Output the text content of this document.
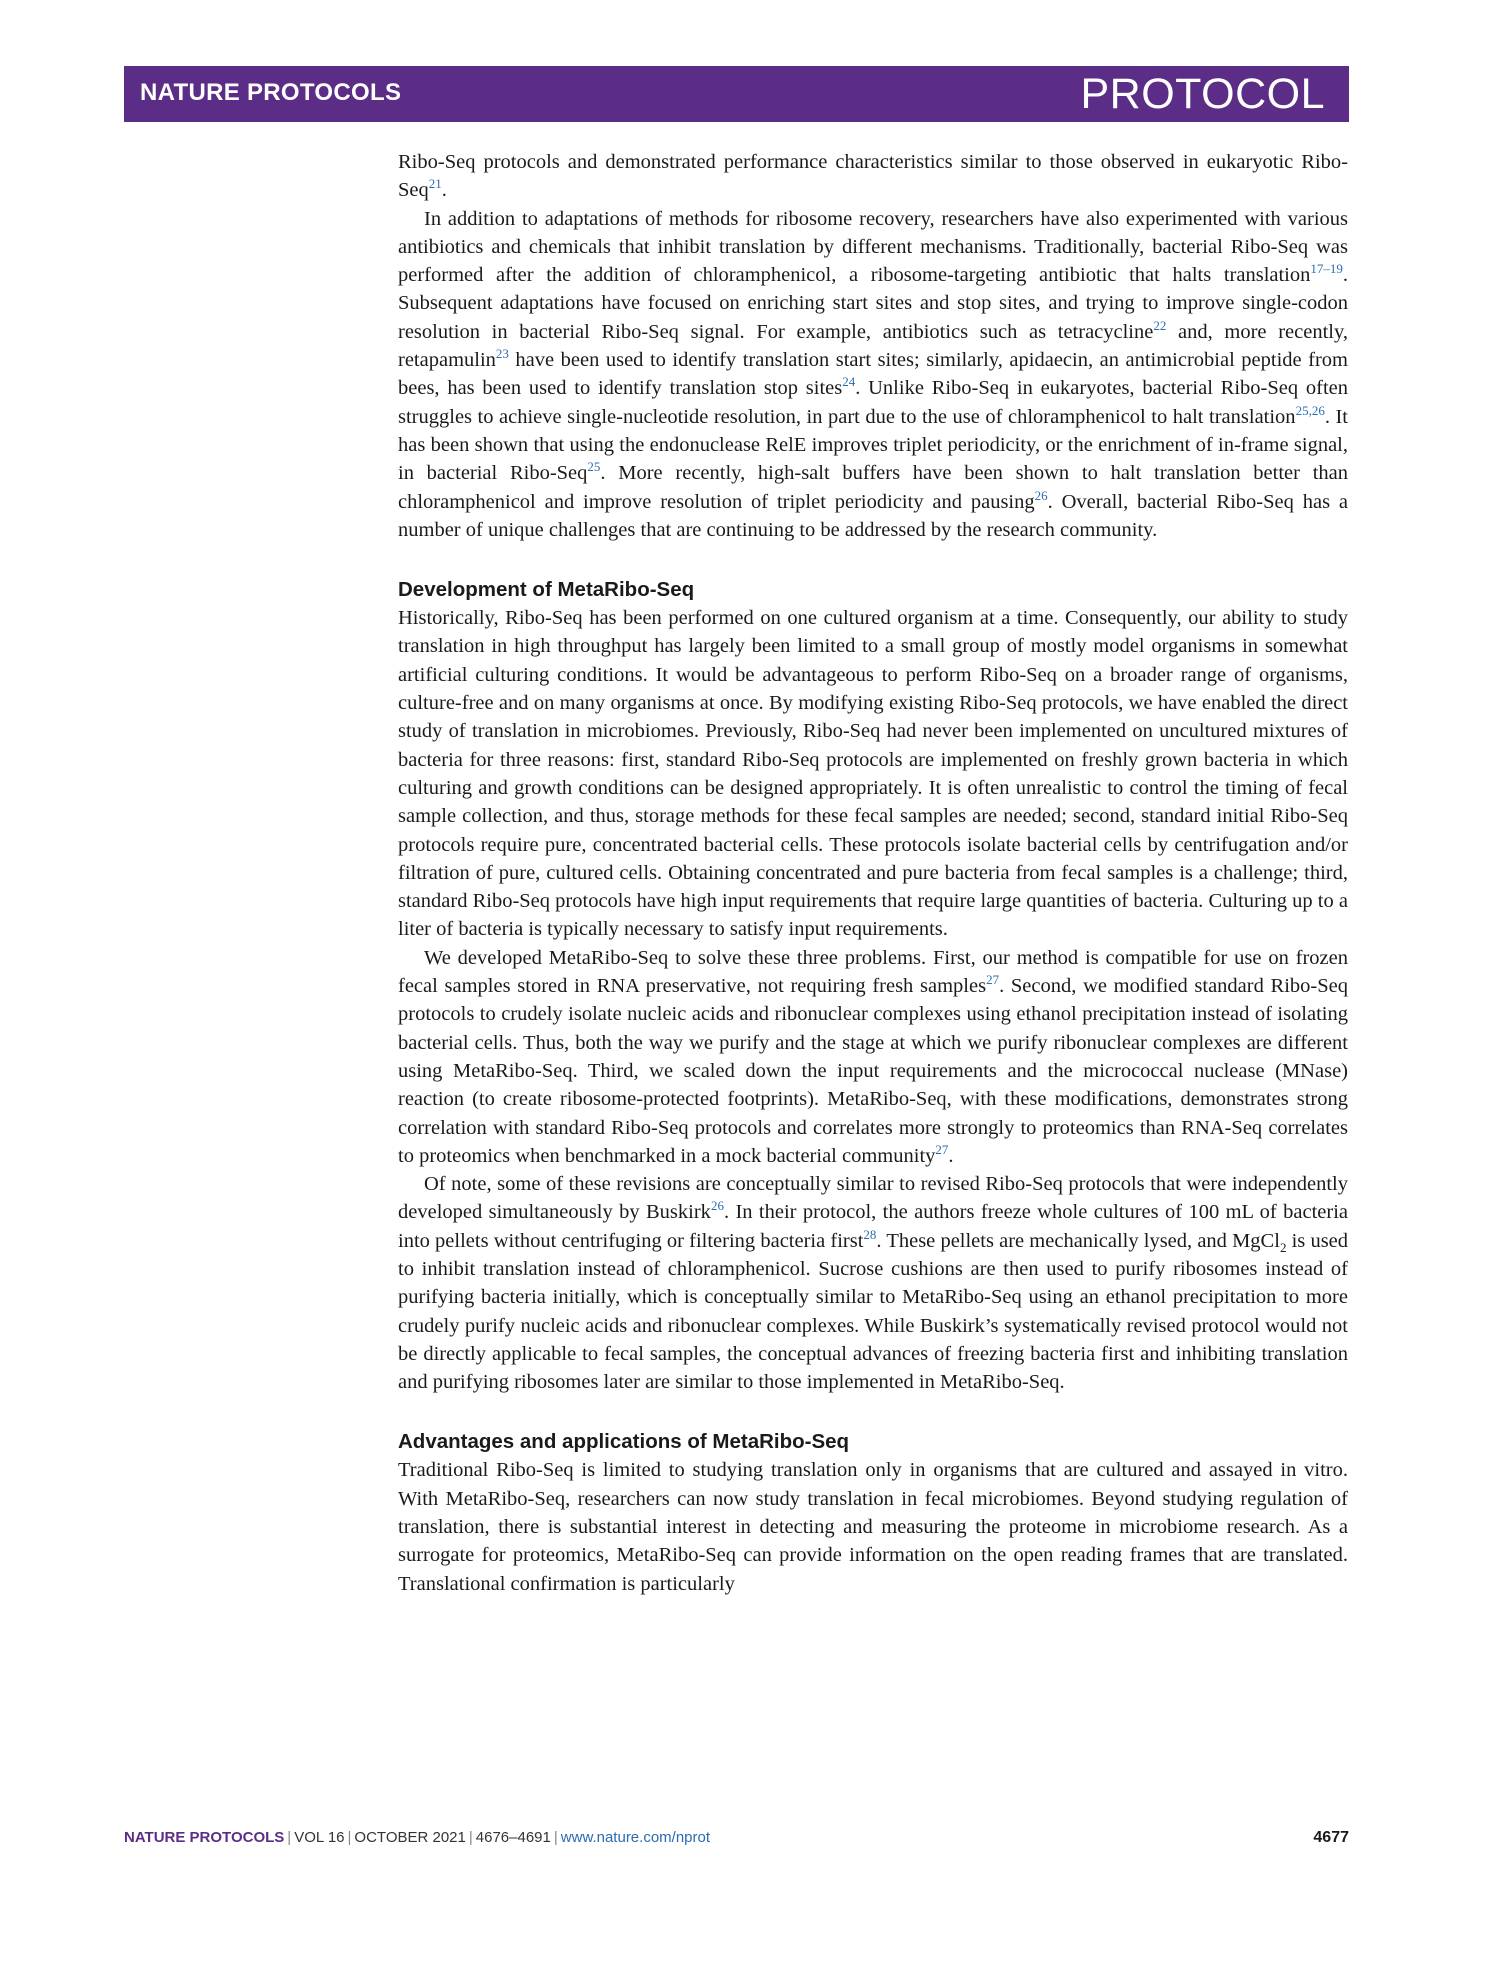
NATURE PROTOCOLS	PROTOCOL

Ribo-Seq protocols and demonstrated performance characteristics similar to those observed in eukaryotic Ribo-Seq$^{21}$.

In addition to adaptations of methods for ribosome recovery, researchers have also experimented with various antibiotics and chemicals that inhibit translation by different mechanisms. Traditionally, bacterial Ribo-Seq was performed after the addition of chloramphenicol, a ribosome-targeting antibiotic that halts translation$^{17-19}$. Subsequent adaptations have focused on enriching start sites and stop sites, and trying to improve single-codon resolution in bacterial Ribo-Seq signal. For example, antibiotics such as tetracycline$^{22}$ and, more recently, retapamulin$^{23}$ have been used to identify translation start sites; similarly, apidaecin, an antimicrobial peptide from bees, has been used to identify translation stop sites$^{24}$. Unlike Ribo-Seq in eukaryotes, bacterial Ribo-Seq often struggles to achieve single-nucleotide resolution, in part due to the use of chloramphenicol to halt translation$^{25,26}$. It has been shown that using the endonuclease RelE improves triplet periodicity, or the enrichment of in-frame signal, in bacterial Ribo-Seq$^{25}$. More recently, high-salt buffers have been shown to halt translation better than chloramphenicol and improve resolution of triplet periodicity and pausing$^{26}$. Overall, bacterial Ribo-Seq has a number of unique challenges that are continuing to be addressed by the research community.

Development of MetaRibo-Seq

Historically, Ribo-Seq has been performed on one cultured organism at a time. Consequently, our ability to study translation in high throughput has largely been limited to a small group of mostly model organisms in somewhat artificial culturing conditions. It would be advantageous to perform Ribo-Seq on a broader range of organisms, culture-free and on many organisms at once. By modifying existing Ribo-Seq protocols, we have enabled the direct study of translation in microbiomes. Previously, Ribo-Seq had never been implemented on uncultured mixtures of bacteria for three reasons: first, standard Ribo-Seq protocols are implemented on freshly grown bacteria in which culturing and growth conditions can be designed appropriately. It is often unrealistic to control the timing of fecal sample collection, and thus, storage methods for these fecal samples are needed; second, standard initial Ribo-Seq protocols require pure, concentrated bacterial cells. These protocols isolate bacterial cells by centrifugation and/or filtration of pure, cultured cells. Obtaining concentrated and pure bacteria from fecal samples is a challenge; third, standard Ribo-Seq protocols have high input requirements that require large quantities of bacteria. Culturing up to a liter of bacteria is typically necessary to satisfy input requirements.

We developed MetaRibo-Seq to solve these three problems. First, our method is compatible for use on frozen fecal samples stored in RNA preservative, not requiring fresh samples$^{27}$. Second, we modified standard Ribo-Seq protocols to crudely isolate nucleic acids and ribonuclear complexes using ethanol precipitation instead of isolating bacterial cells. Thus, both the way we purify and the stage at which we purify ribonuclear complexes are different using MetaRibo-Seq. Third, we scaled down the input requirements and the micrococcal nuclease (MNase) reaction (to create ribosome-protected footprints). MetaRibo-Seq, with these modifications, demonstrates strong correlation with standard Ribo-Seq protocols and correlates more strongly to proteomics than RNA-Seq correlates to proteomics when benchmarked in a mock bacterial community$^{27}$.

Of note, some of these revisions are conceptually similar to revised Ribo-Seq protocols that were independently developed simultaneously by Buskirk$^{26}$. In their protocol, the authors freeze whole cultures of 100 mL of bacteria into pellets without centrifuging or filtering bacteria first$^{28}$. These pellets are mechanically lysed, and MgCl$_2$ is used to inhibit translation instead of chloramphenicol. Sucrose cushions are then used to purify ribosomes instead of purifying bacteria initially, which is conceptually similar to MetaRibo-Seq using an ethanol precipitation to more crudely purify nucleic acids and ribonuclear complexes. While Buskirk’s systematically revised protocol would not be directly applicable to fecal samples, the conceptual advances of freezing bacteria first and inhibiting translation and purifying ribosomes later are similar to those implemented in MetaRibo-Seq.

Advantages and applications of MetaRibo-Seq

Traditional Ribo-Seq is limited to studying translation only in organisms that are cultured and assayed in vitro. With MetaRibo-Seq, researchers can now study translation in fecal microbiomes. Beyond studying regulation of translation, there is substantial interest in detecting and measuring the proteome in microbiome research. As a surrogate for proteomics, MetaRibo-Seq can provide information on the open reading frames that are translated. Translational confirmation is particularly

NATURE PROTOCOLS | VOL 16 | OCTOBER 2021 | 4676–4691 | www.nature.com/nprot	4677
